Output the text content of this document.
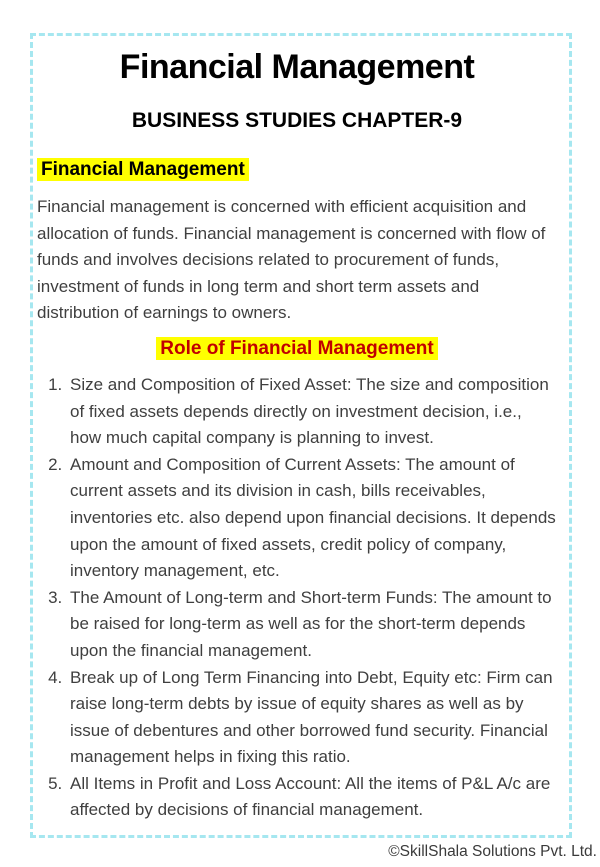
Financial Management
BUSINESS STUDIES CHAPTER-9
Financial Management

Financial management is concerned with efficient acquisition and allocation of funds. Financial management is concerned with flow of funds and involves decisions related to procurement of funds, investment of funds in long term and short term assets and distribution of earnings to owners.

Role of Financial Management
1. Size and Composition of Fixed Asset: The size and composition of fixed assets depends directly on investment decision, i.e., how much capital company is planning to invest.
2. Amount and Composition of Current Assets: The amount of current assets and its division in cash, bills receivables, inventories etc. also depend upon financial decisions. It depends upon the amount of fixed assets, credit policy of company, inventory management, etc.
3. The Amount of Long-term and Short-term Funds: The amount to be raised for long-term as well as for the short-term depends upon the financial management.
4. Break up of Long Term Financing into Debt, Equity etc: Firm can raise long-term debts by issue of equity shares as well as by issue of debentures and other borrowed fund security. Financial management helps in fixing this ratio.
5. All Items in Profit and Loss Account: All the items of P&L A/c are affected by decisions of financial management.
©SkillShala Solutions Pvt. Ltd.
